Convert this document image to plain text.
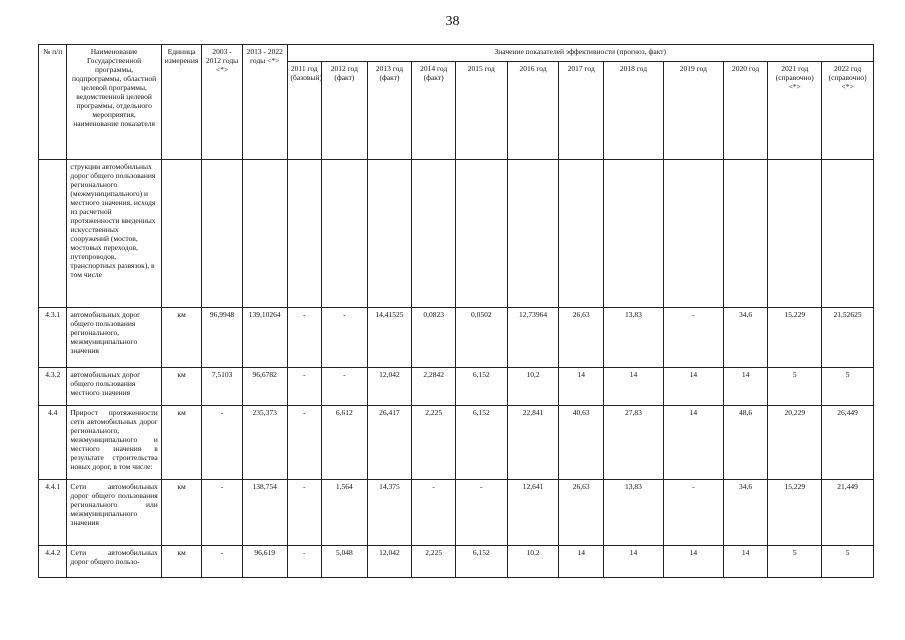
38
№ п/п	Наименование Государственной программы, подпрограммы, областной целевой программы, ведомственной целевой программы, отдельного мероприятия, наименование показателя	Единица измерения	2003 - 2012 годы <*>	2013 - 2022 годы <*>	Значение показателей эффективности (прогноз, факт)											
					2011 год (базовый)	2012 год (факт)	2013 год (факт)	2014 год (факт)	2015 год	2016 год	2017 год	2018 год	2019 год	2020 год	2021 год (справочно) <*>	2022 год (справочно) <*>
	струкции автомобильных дорог общего пользования регионального (межмуниципального) и местного значения, исходя из расчетной протяженности введенных искусственных сооружений (мостов, мостовых переходов, путепроводов, транспортных развязок), в том числе															
4.3.1	автомобильных дорог общего пользования регионального, межмуниципального значения	км	96,9948	139,10264	-	-	14,41525	0,0823	0,0502	12,73964	26,63	13,83	-	34,6	15,229	21,52625
4.3.2	автомобильных дорог общего пользования местного значения	км	7,5103	96,6782	-	-	12,042	2,2842	6,152	10,2	14	14	14	14	5	5
4.4	Прирост протяженности сети автомобильных дорог регионального, межмуниципального и местного значения в результате строительства новых дорог, в том числе:	км	-	235,373	-	6,612	26,417	2,225	6,152	22,841	40,63	27,83	14	48,6	20,229	26,449
4.4.1	Сети автомобильных дорог общего пользования регионального или межмуниципального значения	км	-	138,754	-	1,564	14,375	-	-	12,641	26,63	13,83	-	34,6	15,229	21,449
4.4.2	Сети автомобильных дорог общего пользо-	км	-	96,619	-	5,048	12,042	2,225	6,152	10,2	14	14	14	14	5	5
